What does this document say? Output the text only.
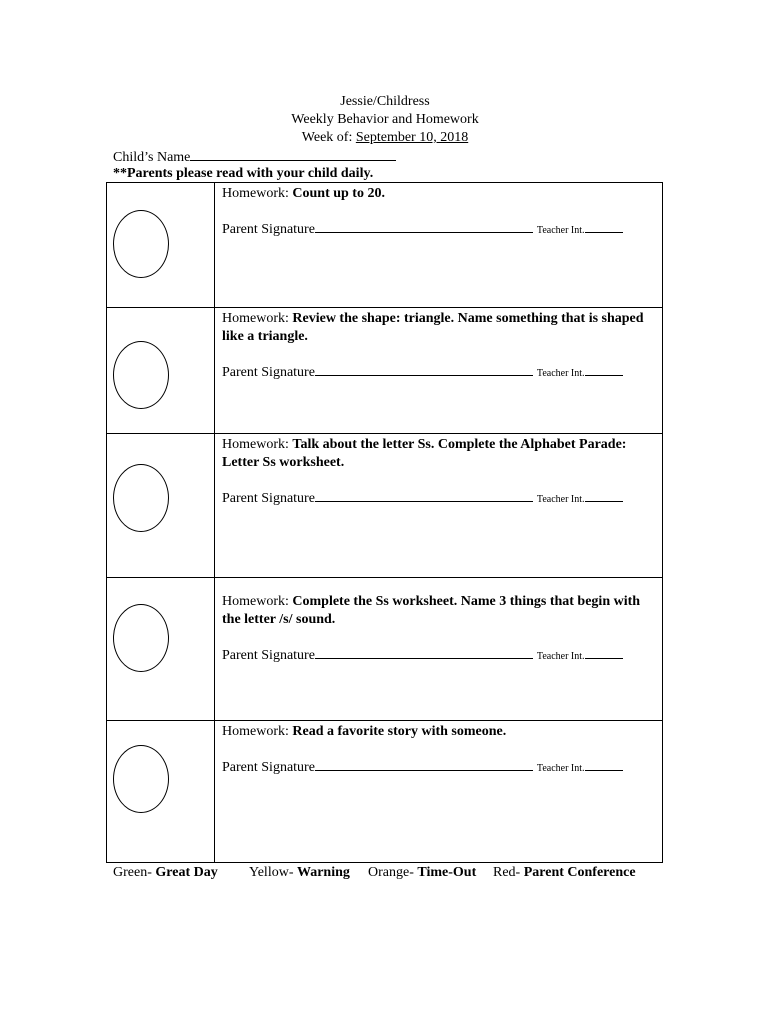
Jessie/Childress
Weekly Behavior and Homework
Week of: September 10, 2018
Child’s Name
**Parents please read with your child daily.
Homework: Count up to 20.
Parent Signature	Teacher Int.
Homework: Review the shape: triangle. Name something that is shaped like a triangle.
Parent Signature	Teacher Int.
Homework: Talk about the letter Ss. Complete the Alphabet Parade: Letter Ss worksheet.
Parent Signature	Teacher Int.
Homework: Complete the Ss worksheet. Name 3 things that begin with the letter /s/ sound.
Parent Signature	Teacher Int.
Homework: Read a favorite story with someone.
Parent Signature	Teacher Int.
Green- Great Day Yellow- Warning Orange- Time-Out Red- Parent Conference
